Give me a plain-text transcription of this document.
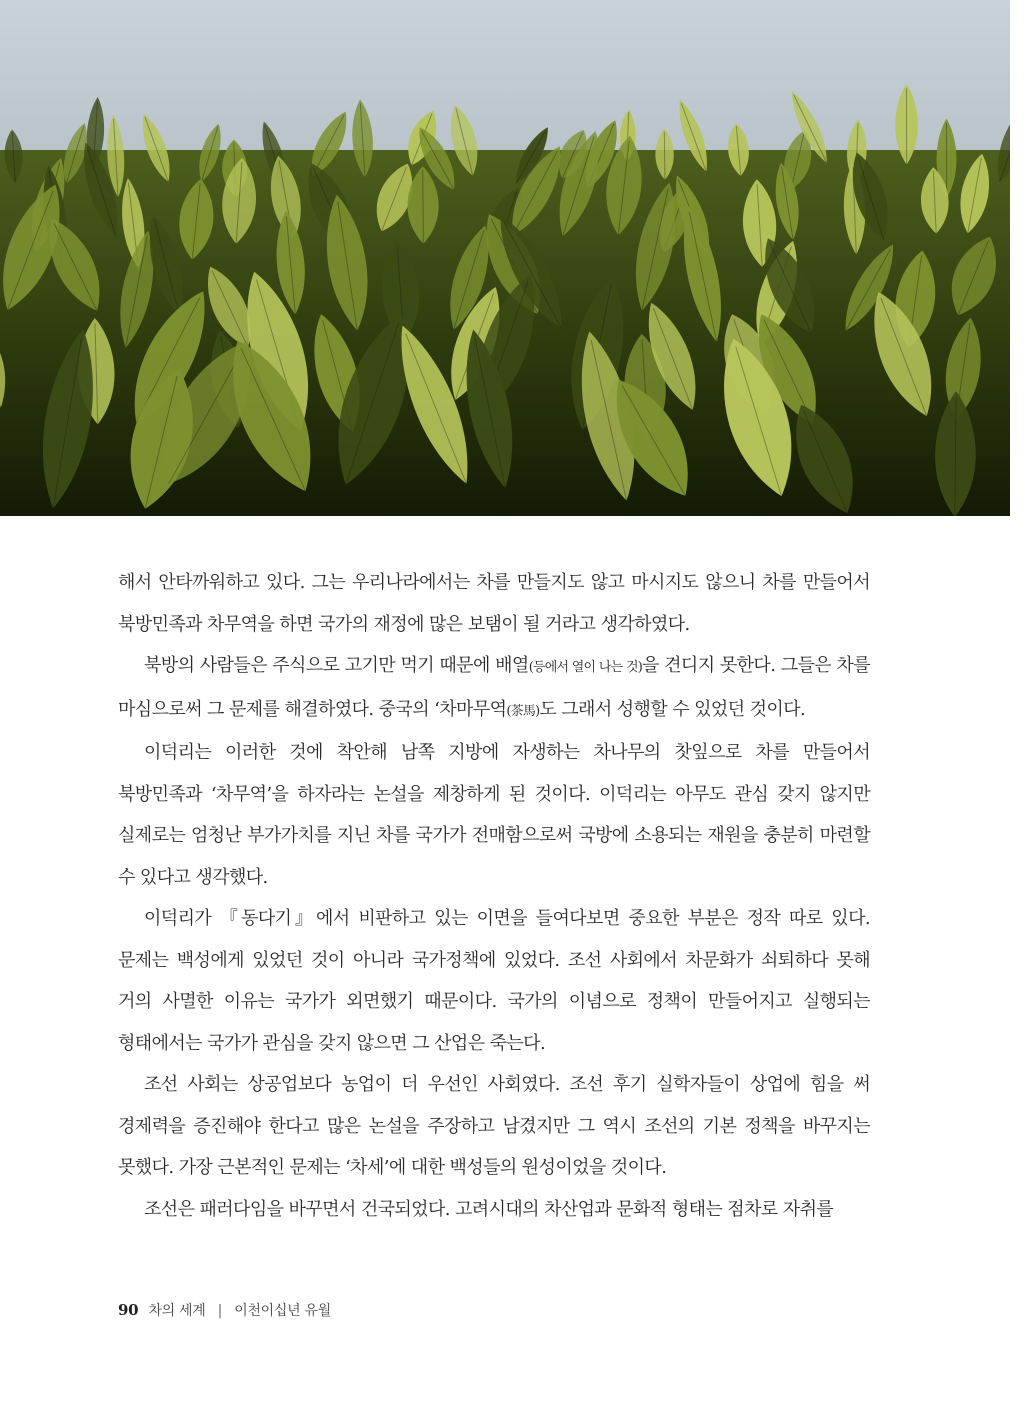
해서 안타까워하고 있다. 그는 우리나라에서는 차를 만들지도 않고 마시지도 않으니 차를 만들어서 북방민족과 차무역을 하면 국가의 재정에 많은 보탬이 될 거라고 생각하였다.

북방의 사람들은 주식으로 고기만 먹기 때문에 배열(등에서 열이 나는 것)을 견디지 못한다. 그들은 차를 마심으로써 그 문제를 해결하였다. 중국의 ‘차마무역(茶馬)도 그래서 성행할 수 있었던 것이다.

이덕리는 이러한 것에 착안해 남쪽 지방에 자생하는 차나무의 찻잎으로 차를 만들어서 북방민족과 ‘차무역’을 하자라는 논설을 제창하게 된 것이다. 이덕리는 아무도 관심 갖지 않지만 실제로는 엄청난 부가가치를 지닌 차를 국가가 전매함으로써 국방에 소용되는 재원을 충분히 마련할 수 있다고 생각했다.

이덕리가 『동다기』에서 비판하고 있는 이면을 들여다보면 중요한 부분은 정작 따로 있다. 문제는 백성에게 있었던 것이 아니라 국가정책에 있었다. 조선 사회에서 차문화가 쇠퇴하다 못해 거의 사멸한 이유는 국가가 외면했기 때문이다. 국가의 이념으로 정책이 만들어지고 실행되는 형태에서는 국가가 관심을 갖지 않으면 그 산업은 죽는다.

조선 사회는 상공업보다 농업이 더 우선인 사회였다. 조선 후기 실학자들이 상업에 힘을 써 경제력을 증진해야 한다고 많은 논설을 주장하고 남겼지만 그 역시 조선의 기본 정책을 바꾸지는 못했다. 가장 근본적인 문제는 ‘차세’에 대한 백성들의 원성이었을 것이다.

조선은 패러다임을 바꾸면서 건국되었다. 고려시대의 차산업과 문화적 형태는 점차로 자취를

90 차의 세계 | 이천이십년 유월
